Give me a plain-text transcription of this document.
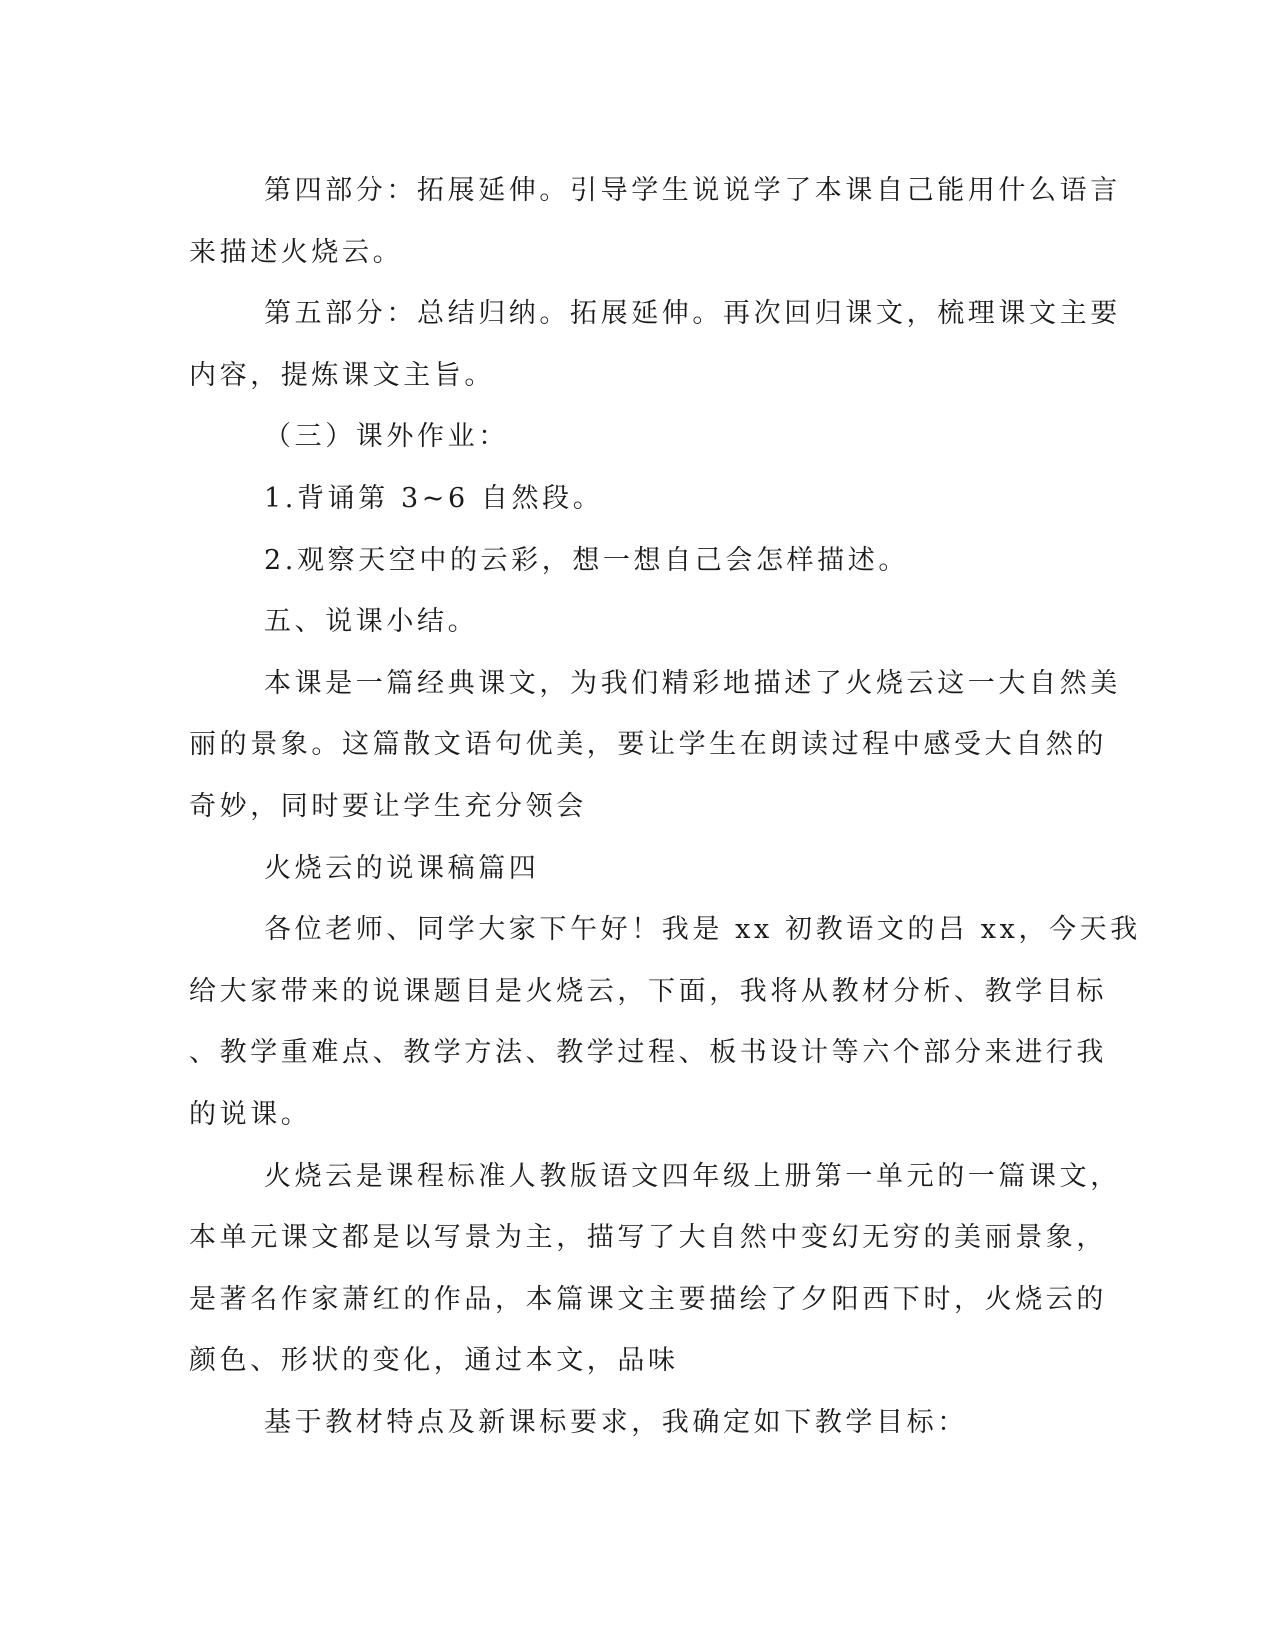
第四部分：拓展延伸。引导学生说说学了本课自己能用什么语言
来描述火烧云。
第五部分：总结归纳。拓展延伸。再次回归课文，梳理课文主要
内容，提炼课文主旨。
（三）课外作业：
1.背诵第 3~6 自然段。
2.观察天空中的云彩，想一想自己会怎样描述。
五、说课小结。
本课是一篇经典课文，为我们精彩地描述了火烧云这一大自然美
丽的景象。这篇散文语句优美，要让学生在朗读过程中感受大自然的
奇妙，同时要让学生充分领会
火烧云的说课稿篇四
各位老师、同学大家下午好！我是 xx 初教语文的吕 xx，今天我
给大家带来的说课题目是火烧云，下面，我将从教材分析、教学目标
、教学重难点、教学方法、教学过程、板书设计等六个部分来进行我
的说课。
火烧云是课程标准人教版语文四年级上册第一单元的一篇课文，
本单元课文都是以写景为主，描写了大自然中变幻无穷的美丽景象，
是著名作家萧红的作品，本篇课文主要描绘了夕阳西下时，火烧云的
颜色、形状的变化，通过本文，品味
基于教材特点及新课标要求，我确定如下教学目标：
